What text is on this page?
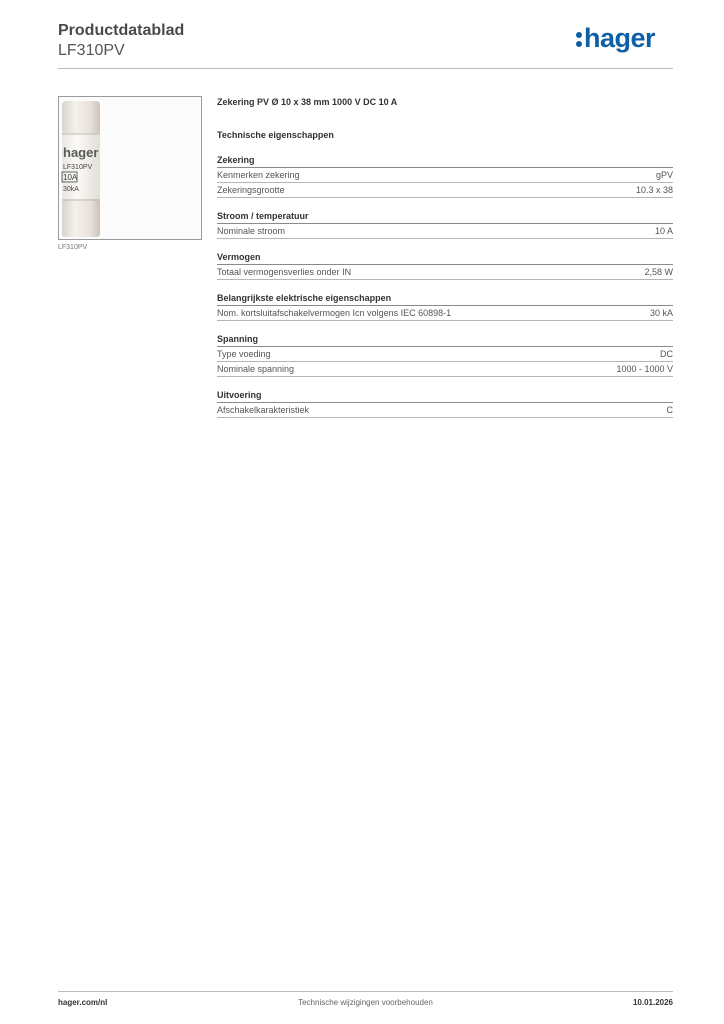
Productdatablad
LF310PV	hager
hager
LF310PV
10A
30kA
LF310PV
Zekering PV Ø 10 x 38 mm 1000 V DC 10 A
Technische eigenschappen
Zekering
Kenmerken zekering	gPV
Zekeringsgrootte	10.3 x 38
Stroom / temperatuur
Nominale stroom	10 A
Vermogen
Totaal vermogensverlies onder IN	2,58 W
Belangrijkste elektrische eigenschappen
Nom. kortsluitafschakelvermogen Icn volgens IEC 60898-1	30 kA
Spanning
Type voeding	DC
Nominale spanning	1000 - 1000 V
Uitvoering
Afschakelkarakteristiek	C
hager.com/nl	Technische wijzigingen voorbehouden	10.01.2026
